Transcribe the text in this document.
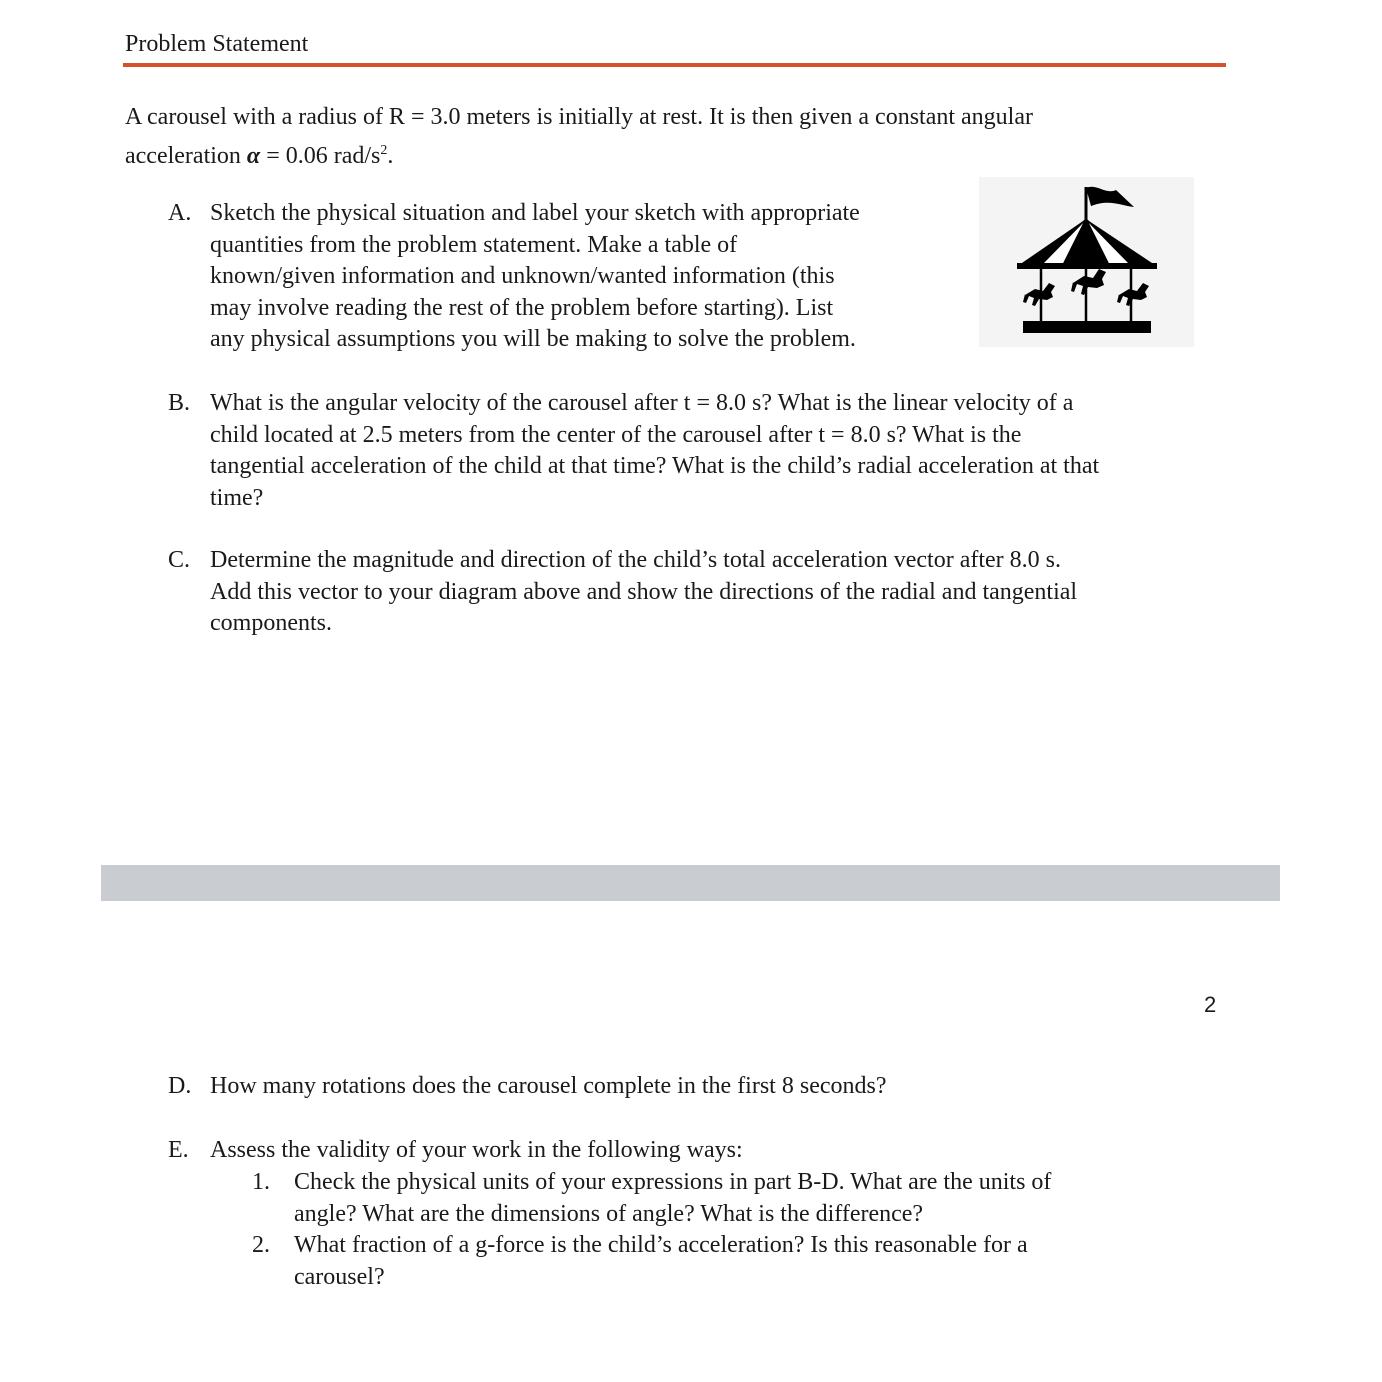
Problem Statement

A carousel with a radius of R = 3.0 meters is initially at rest. It is then given a constant angular
acceleration α = 0.06 rad/$s^2$.

A. Sketch the physical situation and label your sketch with appropriate
quantities from the problem statement. Make a table of
known/given information and unknown/wanted information (this
may involve reading the rest of the problem before starting). List
any physical assumptions you will be making to solve the problem.
B. What is the angular velocity of the carousel after t = 8.0 s? What is the linear velocity of a
child located at 2.5 meters from the center of the carousel after t = 8.0 s? What is the
tangential acceleration of the child at that time? What is the child’s radial acceleration at that
time?
C. Determine the magnitude and direction of the child’s total acceleration vector after 8.0 s.
Add this vector to your diagram above and show the directions of the radial and tangential
components.
2
D. How many rotations does the carousel complete in the first 8 seconds?
E. Assess the validity of your work in the following ways:
1. Check the physical units of your expressions in part B-D. What are the units of
angle? What are the dimensions of angle? What is the difference?
2. What fraction of a g-force is the child’s acceleration? Is this reasonable for a
carousel?
